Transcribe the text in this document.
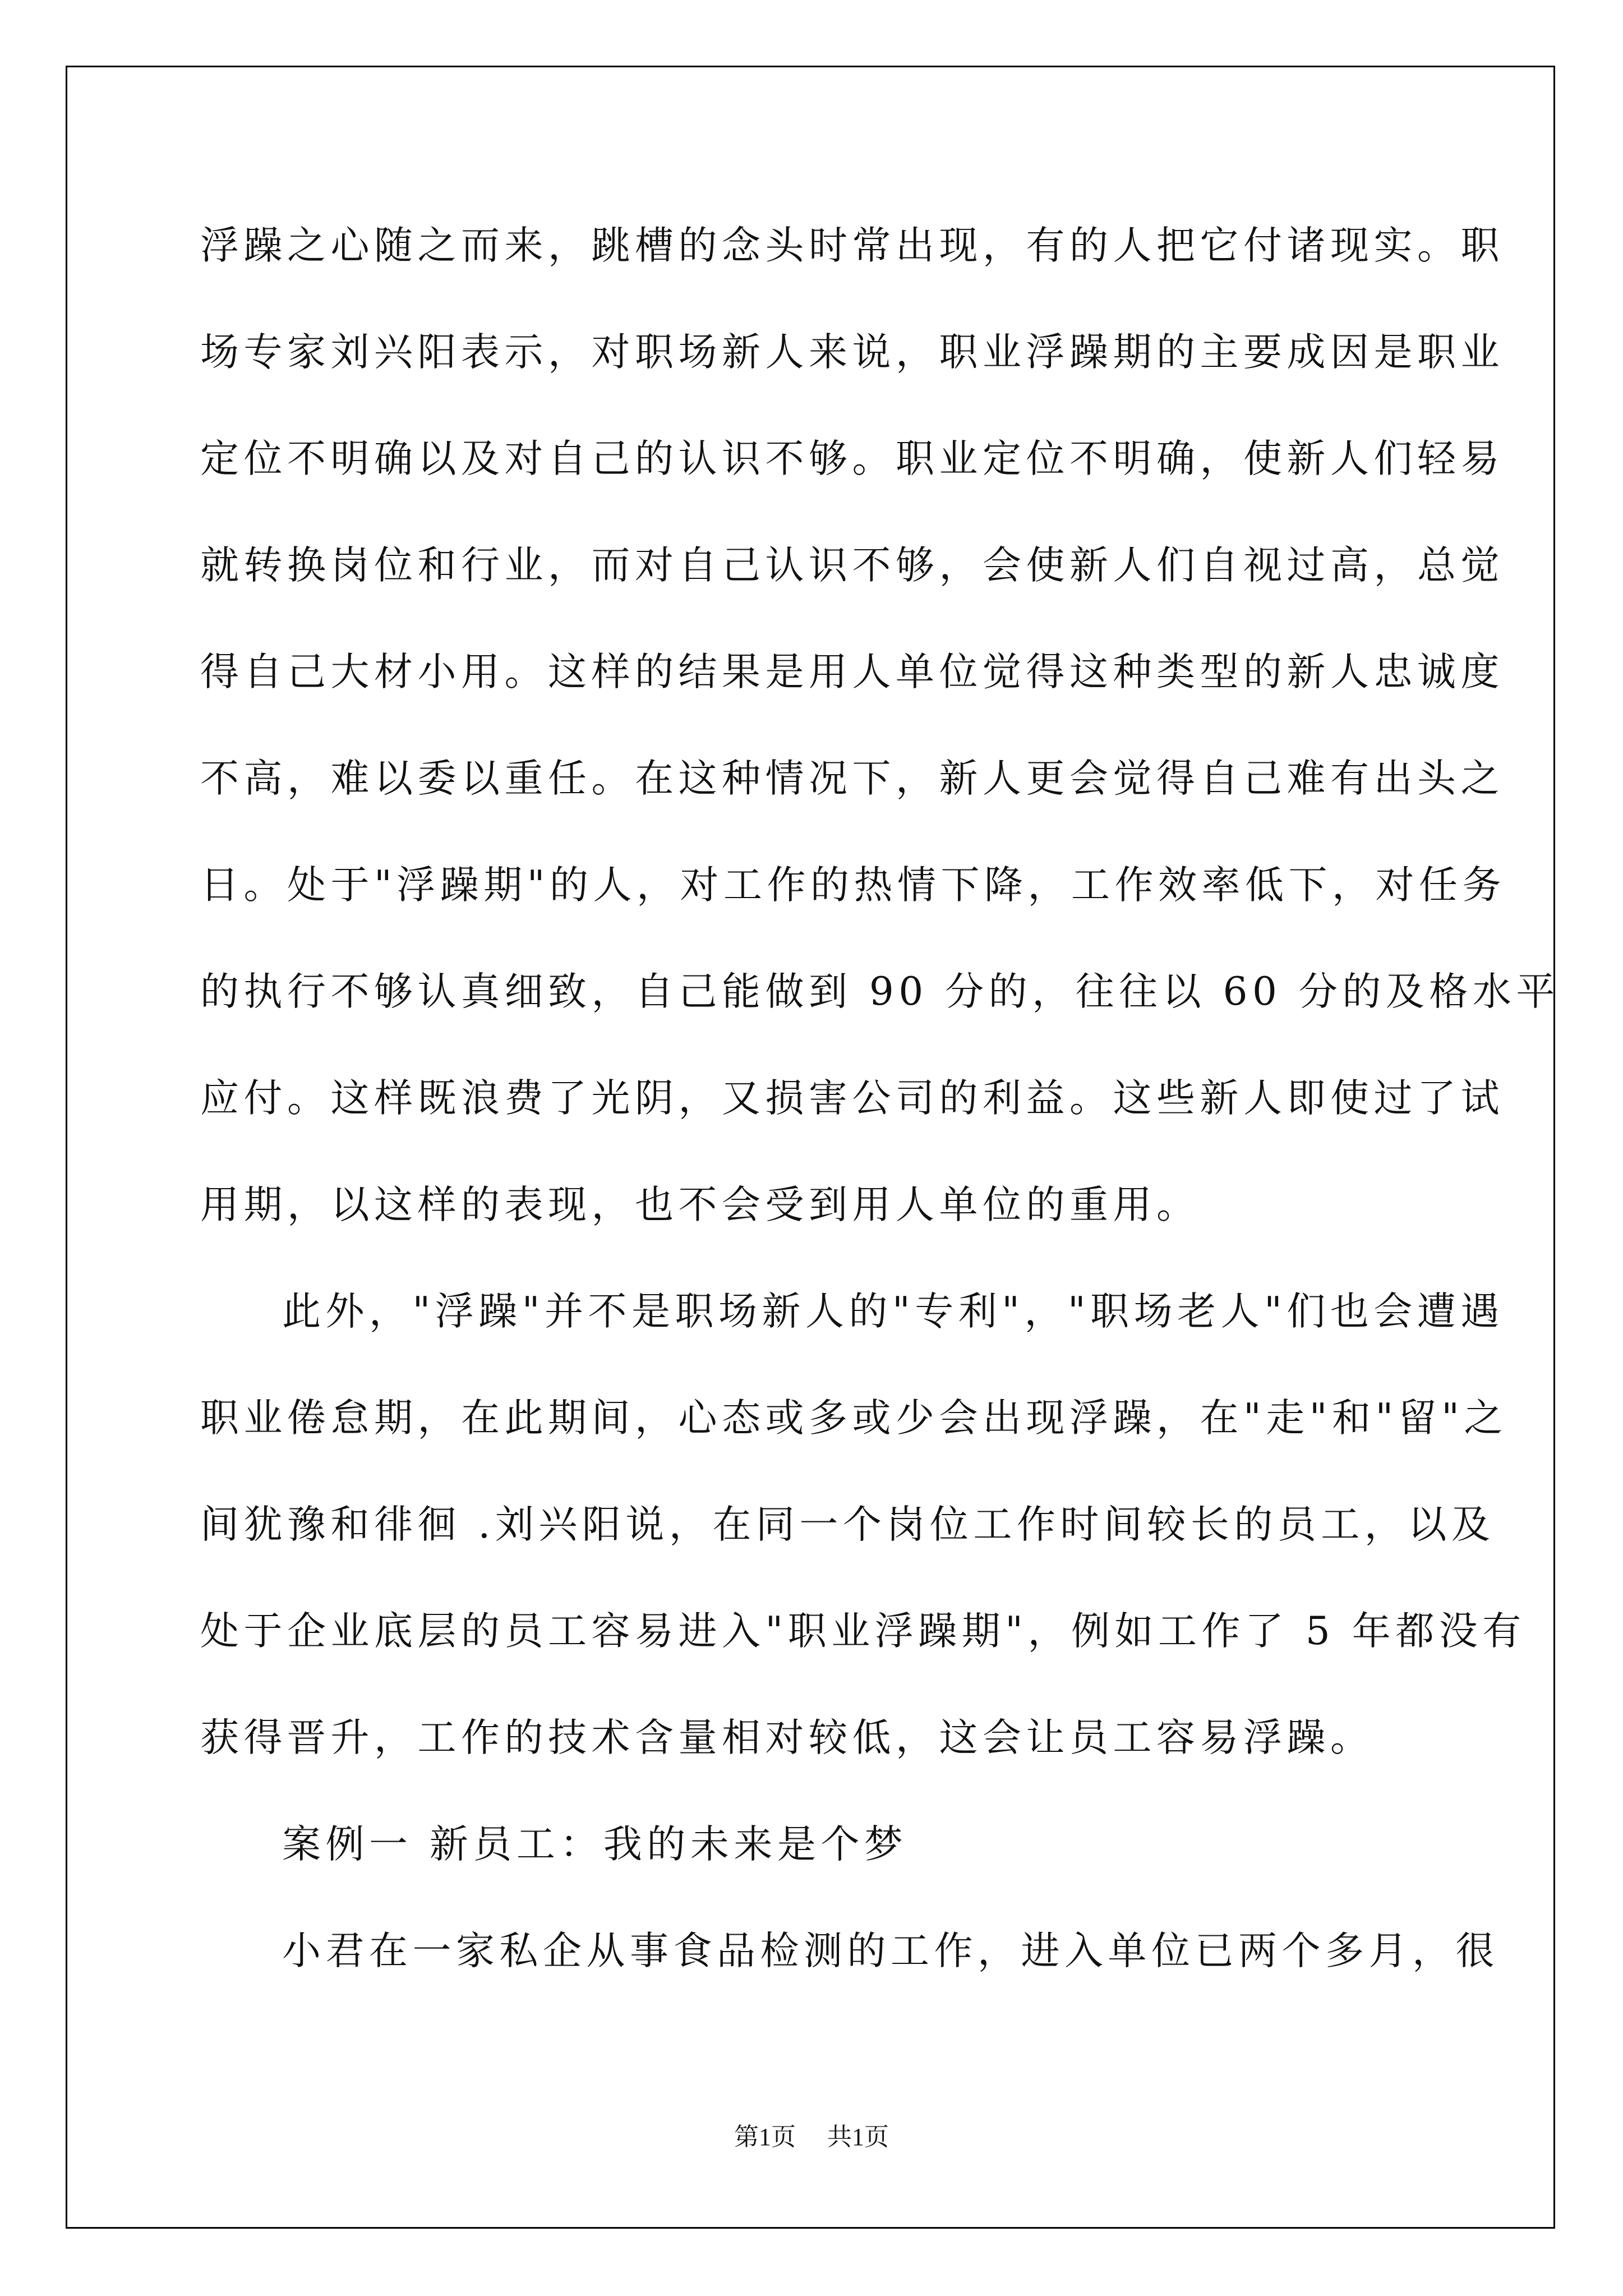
浮躁之心随之而来，跳槽的念头时常出现，有的人把它付诸现实。职
场专家刘兴阳表示，对职场新人来说，职业浮躁期的主要成因是职业
定位不明确以及对自己的认识不够。职业定位不明确，使新人们轻易
就转换岗位和行业，而对自己认识不够，会使新人们自视过高，总觉
得自己大材小用。这样的结果是用人单位觉得这种类型的新人忠诚度
不高，难以委以重任。在这种情况下，新人更会觉得自己难有出头之
日。处于"浮躁期"的人，对工作的热情下降，工作效率低下，对任务
的执行不够认真细致，自己能做到 90 分的，往往以 60 分的及格水平
应付。这样既浪费了光阴，又损害公司的利益。这些新人即使过了试
用期，以这样的表现，也不会受到用人单位的重用。
此外，"浮躁"并不是职场新人的"专利"，"职场老人"们也会遭遇
职业倦怠期，在此期间，心态或多或少会出现浮躁，在"走"和"留"之
间犹豫和徘徊 .刘兴阳说，在同一个岗位工作时间较长的员工，以及
处于企业底层的员工容易进入"职业浮躁期"，例如工作了 5 年都没有
获得晋升，工作的技术含量相对较低，这会让员工容易浮躁。
案例一 新员工：我的未来是个梦
小君在一家私企从事食品检测的工作，进入单位已两个多月，很
第1页 共1页
